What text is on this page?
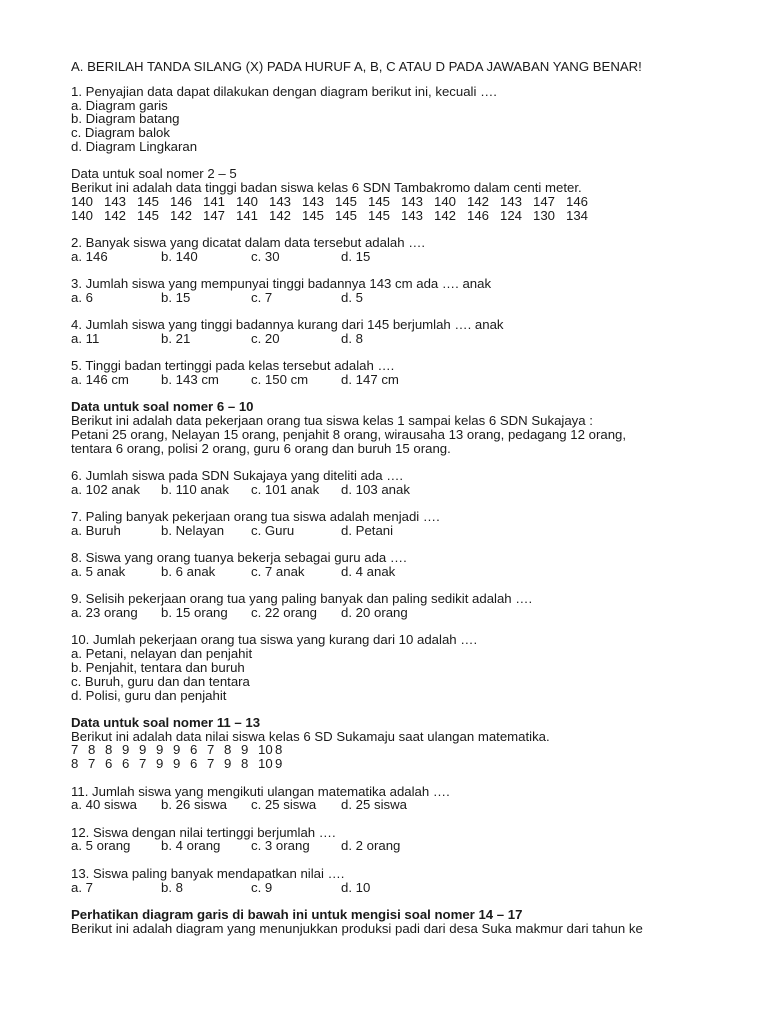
A. BERILAH TANDA SILANG (X) PADA HURUF A, B, C ATAU D PADA JAWABAN YANG BENAR!
1. Penyajian data dapat dilakukan dengan diagram berikut ini, kecuali ….
a. Diagram garis
b. Diagram batang
c. Diagram balok
d. Diagram Lingkaran
Data untuk soal nomer 2 – 5
Berikut ini adalah data tinggi badan siswa kelas 6 SDN Tambakromo dalam centi meter.
140 143 145 146 141 140 143 143 145 145 143 140 142 143 147 146
140 142 145 142 147 141 142 145 145 145 143 142 146 124 130 134
2. Banyak siswa yang dicatat dalam data tersebut adalah ….
a. 146	b. 140	c. 30	d. 15
3. Jumlah siswa yang mempunyai tinggi badannya 143 cm ada …. anak
a. 6	b. 15	c. 7	d. 5
4. Jumlah siswa yang tinggi badannya kurang dari 145 berjumlah …. anak
a. 11	b. 21	c. 20	d. 8
5. Tinggi badan tertinggi pada kelas tersebut adalah ….
a. 146 cm	b. 143 cm	c. 150 cm	d. 147 cm
Data untuk soal nomer 6 – 10
Berikut ini adalah data pekerjaan orang tua siswa kelas 1 sampai kelas 6 SDN Sukajaya :
Petani 25 orang, Nelayan 15 orang, penjahit 8 orang, wirausaha 13 orang, pedagang 12 orang,
tentara 6 orang, polisi 2 orang, guru 6 orang dan buruh 15 orang.
6. Jumlah siswa pada SDN Sukajaya yang diteliti ada ….
a. 102 anak	b. 110 anak	c. 101 anak	d. 103 anak
7. Paling banyak pekerjaan orang tua siswa adalah menjadi ….
a. Buruh	b. Nelayan	c. Guru	d. Petani
8. Siswa yang orang tuanya bekerja sebagai guru ada ….
a. 5 anak	b. 6 anak	c. 7 anak	d. 4 anak
9. Selisih pekerjaan orang tua yang paling banyak dan paling sedikit adalah ….
a. 23 orang	b. 15 orang	c. 22 orang	d. 20 orang
10. Jumlah pekerjaan orang tua siswa yang kurang dari 10 adalah ….
a. Petani, nelayan dan penjahit
b. Penjahit, tentara dan buruh
c. Buruh, guru dan dan tentara
d. Polisi, guru dan penjahit
Data untuk soal nomer 11 – 13
Berikut ini adalah data nilai siswa kelas 6 SD Sukamaju saat ulangan matematika.
7 8 8 9 9 9 9 6 7 8 9 10 8
8 7 6 6 7 9 9 6 7 9 8 10 9
11. Jumlah siswa yang mengikuti ulangan matematika adalah ….
a. 40 siswa	b. 26 siswa	c. 25 siswa	d. 25 siswa
12. Siswa dengan nilai tertinggi berjumlah ….
a. 5 orang	b. 4 orang	c. 3 orang	d. 2 orang
13. Siswa paling banyak mendapatkan nilai ….
a. 7	b. 8	c. 9	d. 10
Perhatikan diagram garis di bawah ini untuk mengisi soal nomer 14 – 17
Berikut ini adalah diagram yang menunjukkan produksi padi dari desa Suka makmur dari tahun ke
